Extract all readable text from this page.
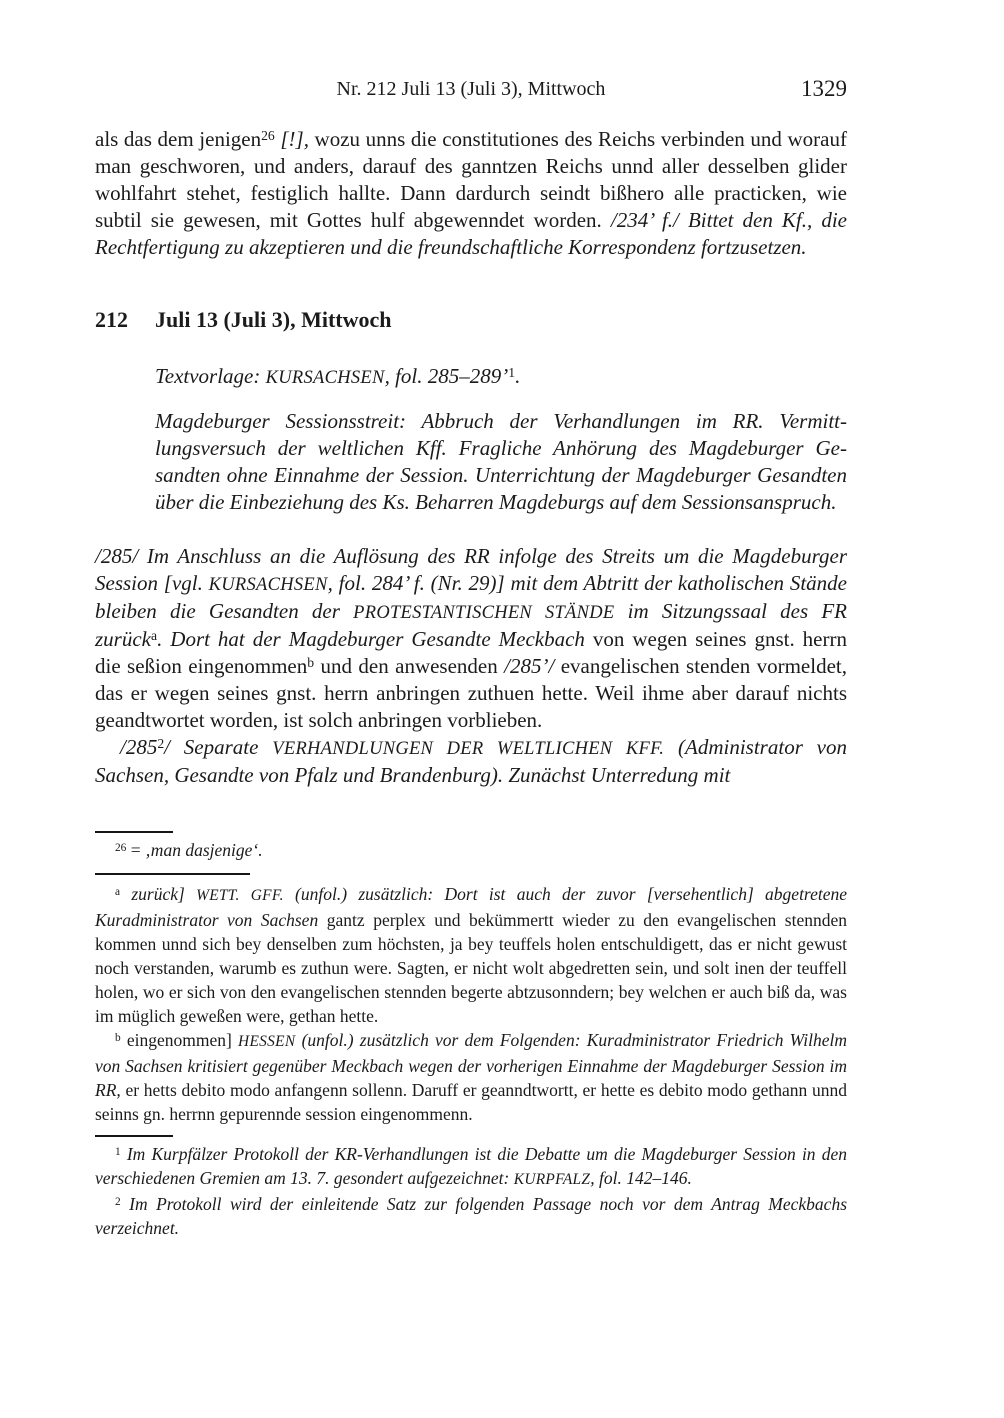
Nr. 212 Juli 13 (Juli 3), Mittwoch	1329
als das dem jenigen$^{26}$ [!], wozu unns die constitutiones des Reichs verbinden und worauf man geschworen, und anders, darauf des ganntzen Reichs unnd aller desselben glider wohlfahrt stehet, festiglich hallte. Dann dardurch seindt bißhero alle practicken, wie subtil sie gewesen, mit Gottes hulf abgewenndet worden. /234’ f./ Bittet den Kf., die Rechtfertigung zu akzeptieren und die freundschaftliche Korrespondenz fortzusetzen.
212	Juli 13 (Juli 3), Mittwoch
Textvorlage: KURSACHSEN, fol. 285–289’$^1$.
Magdeburger Sessionsstreit: Abbruch der Verhandlungen im RR. Vermittlungsversuch der weltlichen Kff. Fragliche Anhörung des Magdeburger Gesandten ohne Einnahme der Session. Unterrichtung der Magdeburger Gesandten über die Einbeziehung des Ks. Beharren Magdeburgs auf dem Sessionsanspruch.
/285/ Im Anschluss an die Auflösung des RR infolge des Streits um die Magdeburger Session [vgl. KURSACHSEN, fol. 284’ f. (Nr. 29)] mit dem Abtritt der katholischen Stände bleiben die Gesandten der PROTESTANTISCHEN STÄNDE im Sitzungssaal des FR zurück$^a$. Dort hat der Magdeburger Gesandte Meckbach von wegen seines gnst. herrn die seßion eingenommen$^b$ und den anwesenden /285’/ evangelischen stenden vormeldet, das er wegen seines gnst. herrn anbringen zuthuen hette. Weil ihme aber darauf nichts geandtwortet worden, ist solch anbringen vorblieben.
$/285^2/$ Separate VERHANDLUNGEN DER WELTLICHEN KFF. (Administrator von Sachsen, Gesandte von Pfalz und Brandenburg). Zunächst Unterredung mit
$^{26}$ = ‚man dasjenige‘.
$^a$ zurück] WETT. GFF. (unfol.) zusätzlich: Dort ist auch der zuvor [versehentlich] abgetretene Kuradministrator von Sachsen gantz perplex und bekümmertt wieder zu den evangelischen stennden kommen unnd sich bey denselben zum höchsten, ja bey teuffels holen entschuldigett, das er nicht gewust noch verstanden, warumb es zuthun were. Sagten, er nicht wolt abgedretten sein, und solt inen der teuffell holen, wo er sich von den evangelischen stennden begerte abtzusonndern; bey welchen er auch biß da, was im müglich geweßen were, gethan hette.
$^b$ eingenommen] HESSEN (unfol.) zusätzlich vor dem Folgenden: Kuradministrator Friedrich Wilhelm von Sachsen kritisiert gegenüber Meckbach wegen der vorherigen Einnahme der Magdeburger Session im RR, er hetts debito modo anfangenn sollenn. Daruff er geanndtwortt, er hette es debito modo gethann unnd seinns gn. herrnn gepurennde session eingenommenn.
$^1$ Im Kurpfälzer Protokoll der KR-Verhandlungen ist die Debatte um die Magdeburger Session in den verschiedenen Gremien am 13. 7. gesondert aufgezeichnet: KURPFALZ, fol. 142–146.
$^2$ Im Protokoll wird der einleitende Satz zur folgenden Passage noch vor dem Antrag Meckbachs verzeichnet.
